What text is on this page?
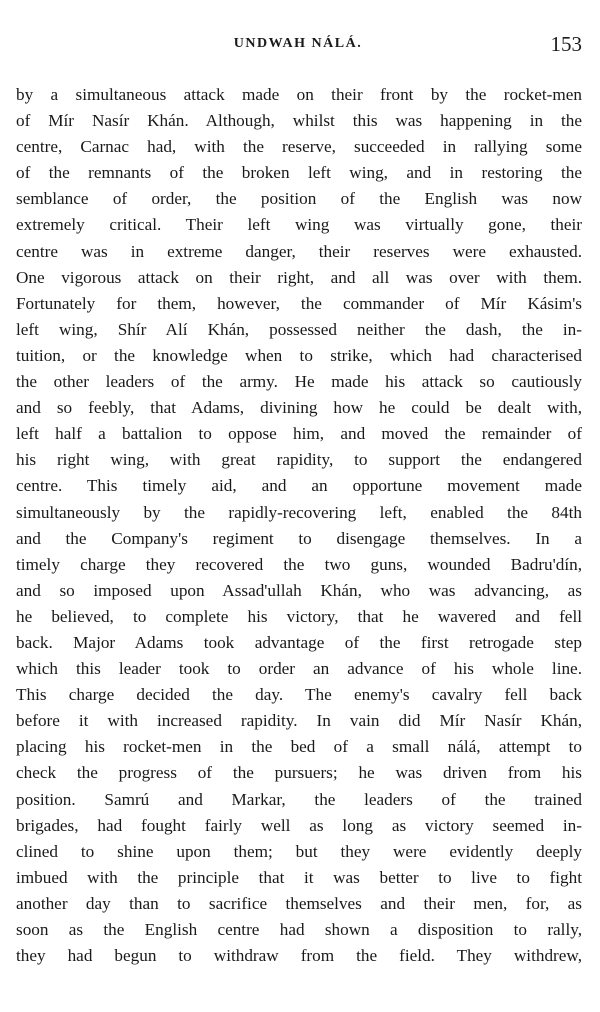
UNDWAH NÁLÁ.	153
by a simultaneous attack made on their front by the rocket-men
of Mír Nasír Khán. Although, whilst this was happening in the
centre, Carnac had, with the reserve, succeeded in rallying some
of the remnants of the broken left wing, and in restoring the
semblance of order, the position of the English was now
extremely critical. Their left wing was virtually gone, their
centre was in extreme danger, their reserves were exhausted.
One vigorous attack on their right, and all was over with them.
Fortunately for them, however, the commander of Mír Kásim's
left wing, Shír Alí Khán, possessed neither the dash, the in-
tuition, or the knowledge when to strike, which had characterised
the other leaders of the army. He made his attack so cautiously
and so feebly, that Adams, divining how he could be dealt with,
left half a battalion to oppose him, and moved the remainder of
his right wing, with great rapidity, to support the endangered
centre. This timely aid, and an opportune movement made
simultaneously by the rapidly-recovering left, enabled the 84th
and the Company's regiment to disengage themselves. In a
timely charge they recovered the two guns, wounded Badru'dín,
and so imposed upon Assad'ullah Khán, who was advancing, as
he believed, to complete his victory, that he wavered and fell
back. Major Adams took advantage of the first retrogade step
which this leader took to order an advance of his whole line.
This charge decided the day. The enemy's cavalry fell back
before it with increased rapidity. In vain did Mír Nasír Khán,
placing his rocket-men in the bed of a small nálá, attempt to
check the progress of the pursuers; he was driven from his
position. Samrú and Markar, the leaders of the trained
brigades, had fought fairly well as long as victory seemed in-
clined to shine upon them; but they were evidently deeply
imbued with the principle that it was better to live to fight
another day than to sacrifice themselves and their men, for, as
soon as the English centre had shown a disposition to rally,
they had begun to withdraw from the field. They withdrew,
